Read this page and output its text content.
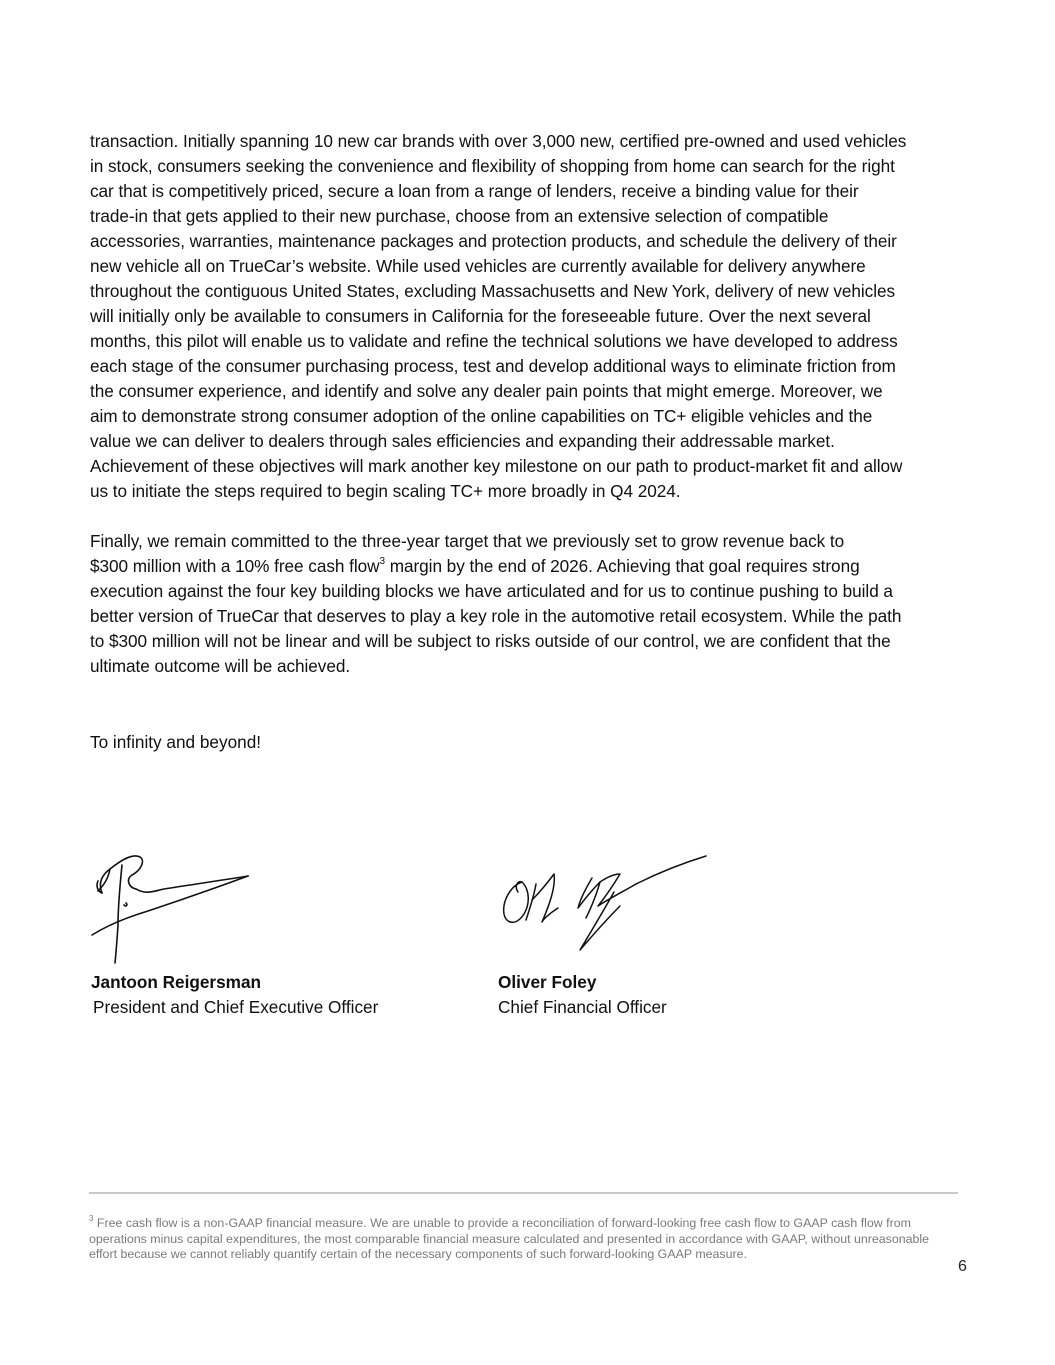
transaction. Initially spanning 10 new car brands with over 3,000 new, certified pre-owned and used vehicles
in stock, consumers seeking the convenience and flexibility of shopping from home can search for the right
car that is competitively priced, secure a loan from a range of lenders, receive a binding value for their
trade-in that gets applied to their new purchase, choose from an extensive selection of compatible
accessories, warranties, maintenance packages and protection products, and schedule the delivery of their
new vehicle all on TrueCar’s website. While used vehicles are currently available for delivery anywhere
throughout the contiguous United States, excluding Massachusetts and New York, delivery of new vehicles
will initially only be available to consumers in California for the foreseeable future. Over the next several
months, this pilot will enable us to validate and refine the technical solutions we have developed to address
each stage of the consumer purchasing process, test and develop additional ways to eliminate friction from
the consumer experience, and identify and solve any dealer pain points that might emerge. Moreover, we
aim to demonstrate strong consumer adoption of the online capabilities on TC+ eligible vehicles and the
value we can deliver to dealers through sales efficiencies and expanding their addressable market.
Achievement of these objectives will mark another key milestone on our path to product-market fit and allow
us to initiate the steps required to begin scaling TC+ more broadly in Q4 2024.
Finally, we remain committed to the three-year target that we previously set to grow revenue back to
$300 million with a 10% free cash flow$^3$ margin by the end of 2026. Achieving that goal requires strong
execution against the four key building blocks we have articulated and for us to continue pushing to build a
better version of TrueCar that deserves to play a key role in the automotive retail ecosystem. While the path
to $300 million will not be linear and will be subject to risks outside of our control, we are confident that the
ultimate outcome will be achieved.

To infinity and beyond!

Jantoon Reigersman
President and Chief Executive Officer
Oliver Foley
Chief Financial Officer

$^3$ Free cash flow is a non-GAAP financial measure. We are unable to provide a reconciliation of forward-looking free cash flow to GAAP cash flow from operations minus capital expenditures, the most comparable financial measure calculated and presented in accordance with GAAP, without unreasonable effort because we cannot reliably quantify certain of the necessary components of such forward-looking GAAP measure.

6
